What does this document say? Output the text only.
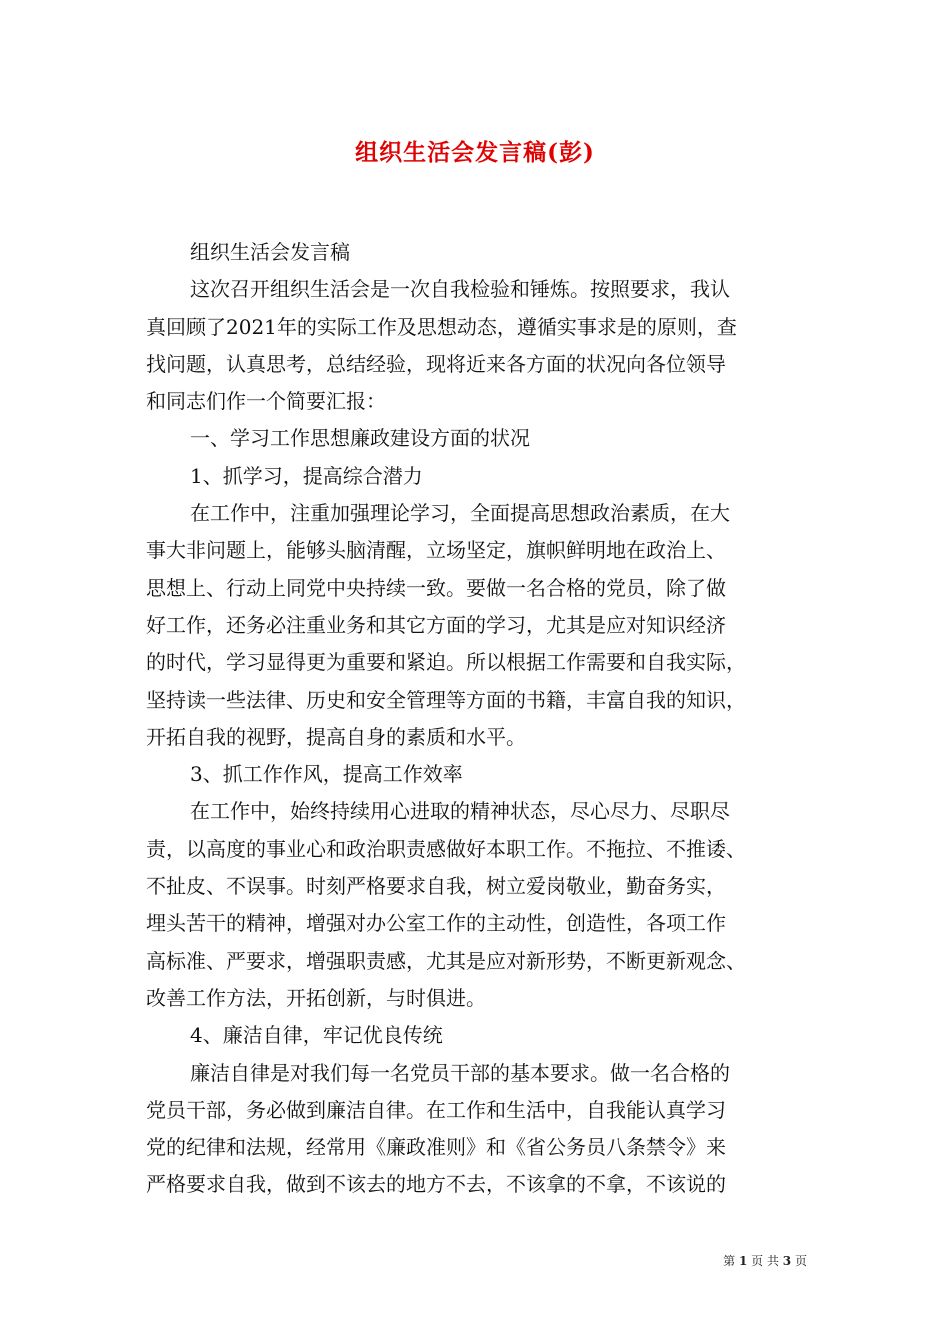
组织生活会发言稿(彭)

组织生活会发言稿

这次召开组织生活会是一次自我检验和锤炼。按照要求，我认

真回顾了2021年的实际工作及思想动态，遵循实事求是的原则，查

找问题，认真思考，总结经验，现将近来各方面的状况向各位领导

和同志们作一个简要汇报：

一、学习工作思想廉政建设方面的状况

1、抓学习，提高综合潜力

在工作中，注重加强理论学习，全面提高思想政治素质，在大

事大非问题上，能够头脑清醒，立场坚定，旗帜鲜明地在政治上、

思想上、行动上同党中央持续一致。要做一名合格的党员，除了做

好工作，还务必注重业务和其它方面的学习，尤其是应对知识经济

的时代，学习显得更为重要和紧迫。所以根据工作需要和自我实际，

坚持读一些法律、历史和安全管理等方面的书籍，丰富自我的知识，

开拓自我的视野，提高自身的素质和水平。

3、抓工作作风，提高工作效率

在工作中，始终持续用心进取的精神状态，尽心尽力、尽职尽

责，以高度的事业心和政治职责感做好本职工作。不拖拉、不推诿、

不扯皮、不误事。时刻严格要求自我，树立爱岗敬业，勤奋务实，

埋头苦干的精神，增强对办公室工作的主动性，创造性，各项工作

高标准、严要求，增强职责感，尤其是应对新形势，不断更新观念、

改善工作方法，开拓创新，与时俱进。

4、廉洁自律，牢记优良传统

廉洁自律是对我们每一名党员干部的基本要求。做一名合格的

党员干部，务必做到廉洁自律。在工作和生活中，自我能认真学习

党的纪律和法规，经常用《廉政准则》和《省公务员八条禁令》来

严格要求自我，做到不该去的地方不去，不该拿的不拿，不该说的

第 1 页 共 3 页
